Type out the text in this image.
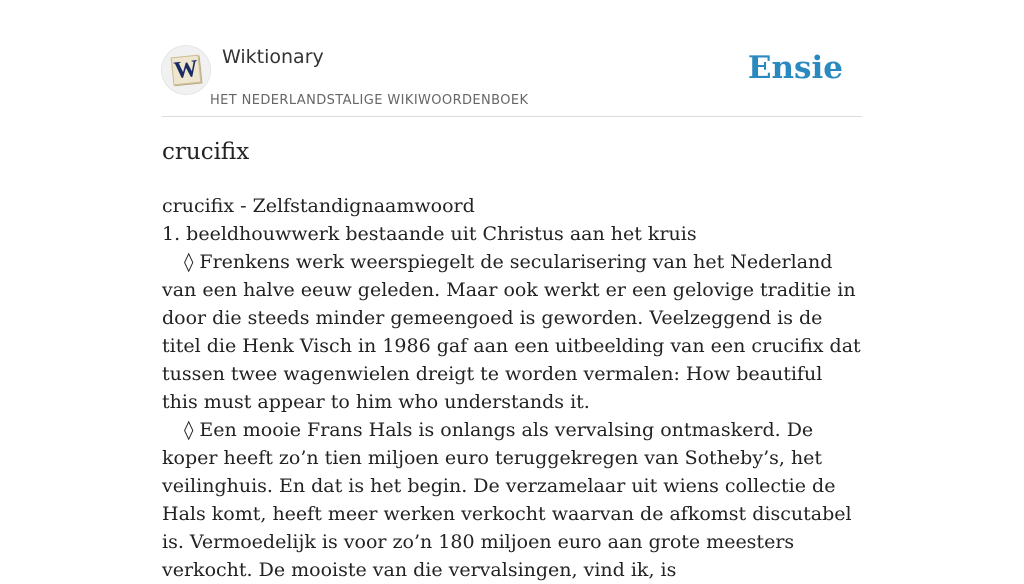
W Wiktionary
HET NEDERLANDSTALIGE WIKIWOORDENBOEK
Ensie
crucifix

crucifix - Zelfstandignaamwoord

1. beeldhouwwerk bestaande uit Christus aan het kruis

◊ Frenkens werk weerspiegelt de secularisering van het Nederland van een halve eeuw geleden. Maar ook werkt er een gelovige traditie in door die steeds minder gemeengoed is geworden. Veelzeggend is de titel die Henk Visch in 1986 gaf aan een uitbeelding van een crucifix dat tussen twee wagenwielen dreigt te worden vermalen: How beautiful this must appear to him who understands it.

◊ Een mooie Frans Hals is onlangs als vervalsing ontmaskerd. De koper heeft zo’n tien miljoen euro teruggekregen van Sotheby’s, het veilinghuis. En dat is het begin. De verzamelaar uit wiens collectie de Hals komt, heeft meer werken verkocht waarvan de afkomst discutabel is. Vermoedelijk is voor zo’n 180 miljoen euro aan grote meesters verkocht. De mooiste van die vervalsingen, vind ik, is
